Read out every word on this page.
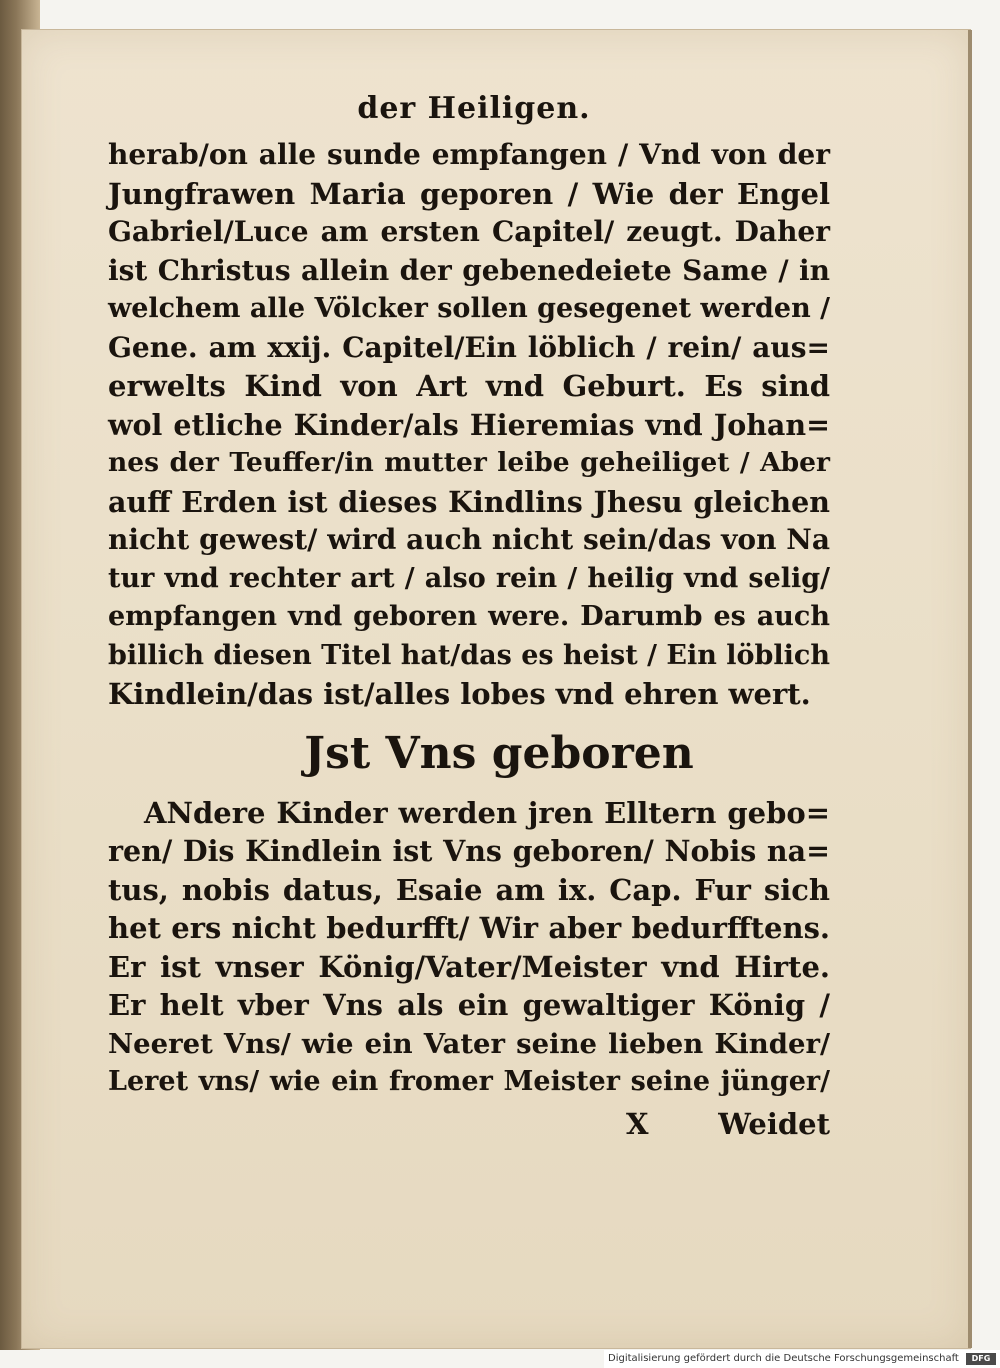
der Heiligen.
herab/on alle sunde empfangen / Vnd von der
Jungfrawen Maria geporen / Wie der Engel
Gabriel/Luce am ersten Capitel/ zeugt. Daher
ist Christus allein der gebenedeiete Same / in
welchem alle Völcker sollen gesegenet werden /
Gene. am xxij. Capitel/Ein löblich / rein/ aus=
erwelts Kind von Art vnd Geburt. Es sind
wol etliche Kinder/als Hieremias vnd Johan=
nes der Teuffer/in mutter leibe geheiliget / Aber
auff Erden ist dieses Kindlins Jhesu gleichen
nicht gewest/ wird auch nicht sein/das von Na
tur vnd rechter art / also rein / heilig vnd selig/
empfangen vnd geboren were. Darumb es auch
billich diesen Titel hat/das es heist / Ein löblich
Kindlein/das ist/alles lobes vnd ehren wert.
Jst Vns geboren
ANdere Kinder werden jren Elltern gebo=
ren/ Dis Kindlein ist Vns geboren/ Nobis na=
tus, nobis datus, Esaie am ix. Cap. Fur sich
het ers nicht bedurfft/ Wir aber bedurfftens.
Er ist vnser König/Vater/Meister vnd Hirte.
Er helt vber Vns als ein gewaltiger König /
Neeret Vns/ wie ein Vater seine lieben Kinder/
Leret vns/ wie ein fromer Meister seine jünger/
X Weidet
Digitalisierung gefördert durch die Deutsche Forschungsgemeinschaft	DFG
